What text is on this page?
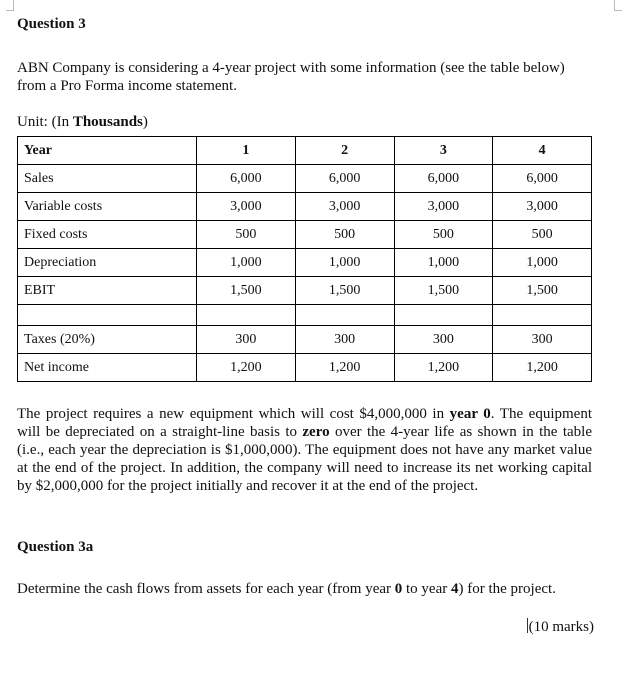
Question 3
ABN Company is considering a 4-year project with some information (see the table below) from a Pro Forma income statement.
Unit: (In Thousands)
Year	1	2	3	4
Sales	6,000	6,000	6,000	6,000
Variable costs	3,000	3,000	3,000	3,000
Fixed costs	500	500	500	500
Depreciation	1,000	1,000	1,000	1,000
EBIT	1,500	1,500	1,500	1,500

Taxes (20%)	300	300	300	300
Net income	1,200	1,200	1,200	1,200
The project requires a new equipment which will cost $4,000,000 in year 0. The equipment will be depreciated on a straight-line basis to zero over the 4-year life as shown in the table (i.e., each year the depreciation is $1,000,000). The equipment does not have any market value at the end of the project. In addition, the company will need to increase its net working capital by $2,000,000 for the project initially and recover it at the end of the project.
Question 3a
Determine the cash flows from assets for each year (from year 0 to year 4) for the project.
(10 marks)
